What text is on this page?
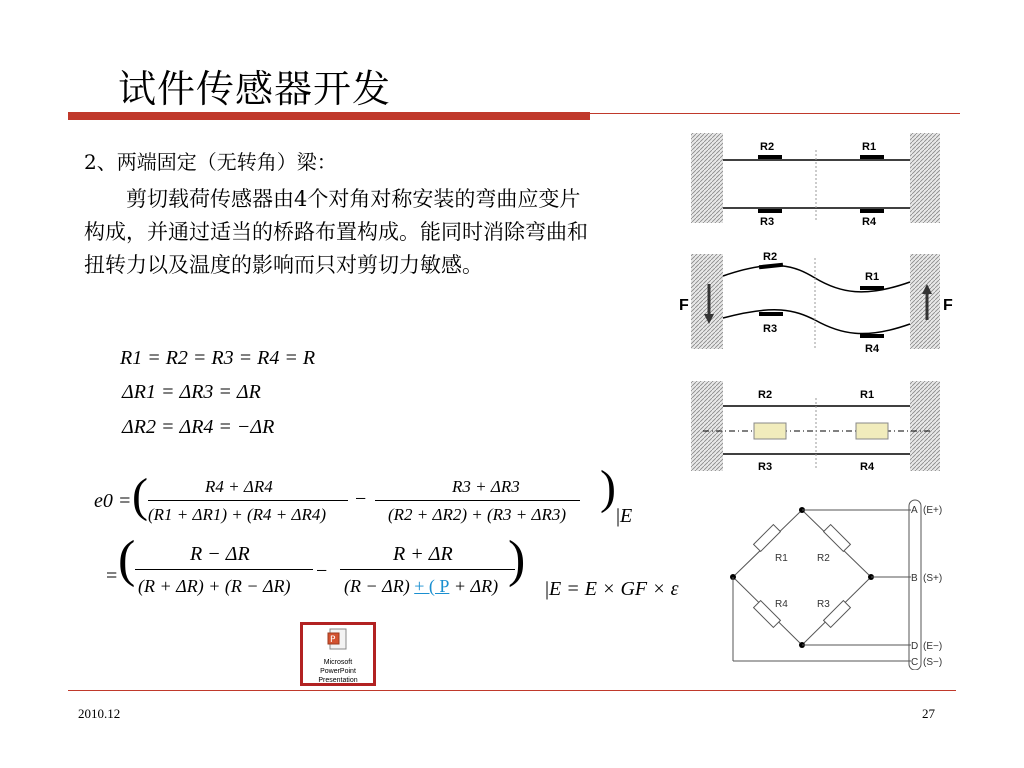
试件传感器开发
2、两端固定（无转角）梁：
剪切载荷传感器由4个对角对称安装的弯曲应变片构成，并通过适当的桥路布置构成。能同时消除弯曲和扭转力以及温度的影响而只对剪切力敏感。
R1 = R2 = R3 = R4 = R
ΔR1 = ΔR3 = ΔR
ΔR2 = ΔR4 = −ΔR
e0 = (	R4 + ΔR4
(R1 + ΔR1) + (R4 + ΔR4)
−
R3 + ΔR3
(R2 + ΔR2) + (R3 + ΔR3)
)
|E
= (	R − ΔR
(R + ΔR) + (R − ΔR)
−
R + ΔR
(R − ΔR) + ( P + ΔR) )
|E = E × GF × ε
P
Microsoft
PowerPoint Presentation
R2	R1
R3	R4
R2
R1
R3
R4
F	F
R2	R1
R3	R4
R1	R2
R4	R3
A
B
D
C
(E+)
(S+)
(E−)
(S−)
2010.12	27
